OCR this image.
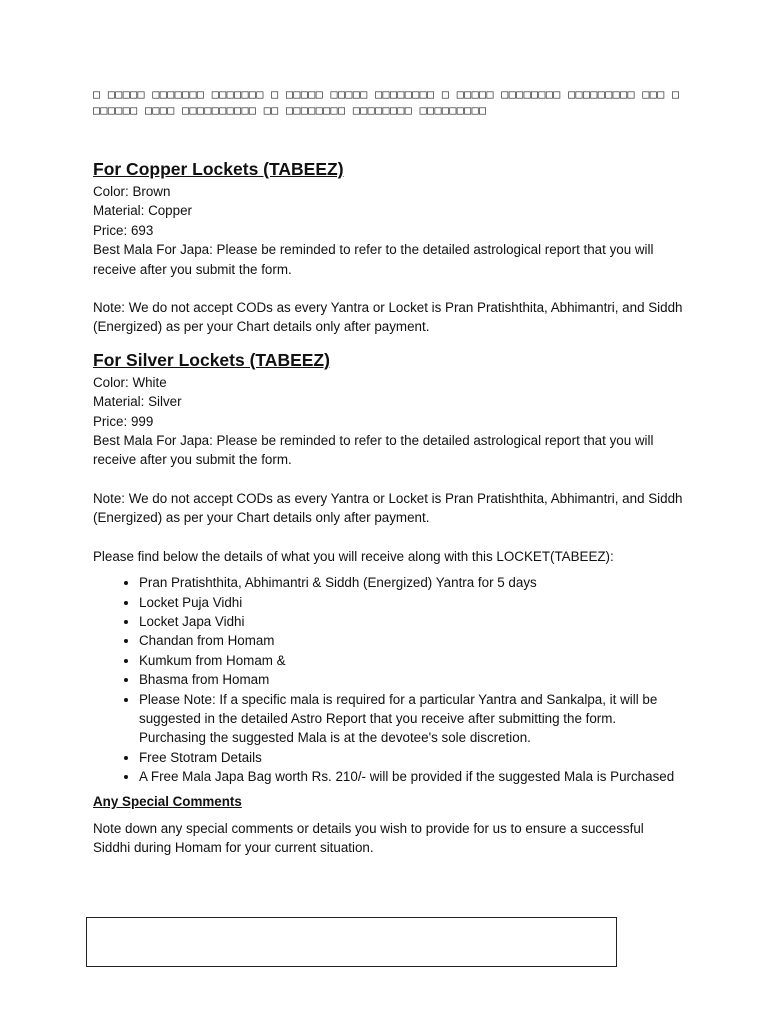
□ □□□□□ □□□□□□□ □□□□□□□ □ □□□□□ □□□□□ □□□□□□□□ □ □□□□□ □□□□□□□□ □□□□□□□□□ □□□ □□□□□□□ □□□□ □□□□□□□□□□ □□ □□□□□□□□ □□□□□□□□ □□□□□□□□□

For Copper Lockets (TABEEZ)

Color: Brown

Material: Copper

Price: 693

Best Mala For Japa: Please be reminded to refer to the detailed astrological report that you will receive after you submit the form.

Note: We do not accept CODs as every Yantra or Locket is Pran Pratishthita, Abhimantri, and Siddh (Energized) as per your Chart details only after payment.

For Silver Lockets (TABEEZ)

Color: White

Material: Silver

Price: 999

Best Mala For Japa: Please be reminded to refer to the detailed astrological report that you will receive after you submit the form.

Note: We do not accept CODs as every Yantra or Locket is Pran Pratishthita, Abhimantri, and Siddh (Energized) as per your Chart details only after payment.

Please find below the details of what you will receive along with this LOCKET(TABEEZ):

• Pran Pratishthita, Abhimantri & Siddh (Energized) Yantra for 5 days
• Locket Puja Vidhi
• Locket Japa Vidhi
• Chandan from Homam
• Kumkum from Homam &
• Bhasma from Homam
• Please Note: If a specific mala is required for a particular Yantra and Sankalpa, it will be suggested in the detailed Astro Report that you receive after submitting the form. Purchasing the suggested Mala is at the devotee's sole discretion.
• Free Stotram Details
• A Free Mala Japa Bag worth Rs. 210/- will be provided if the suggested Mala is Purchased
Any Special Comments

Note down any special comments or details you wish to provide for us to ensure a successful Siddhi during Homam for your current situation.
